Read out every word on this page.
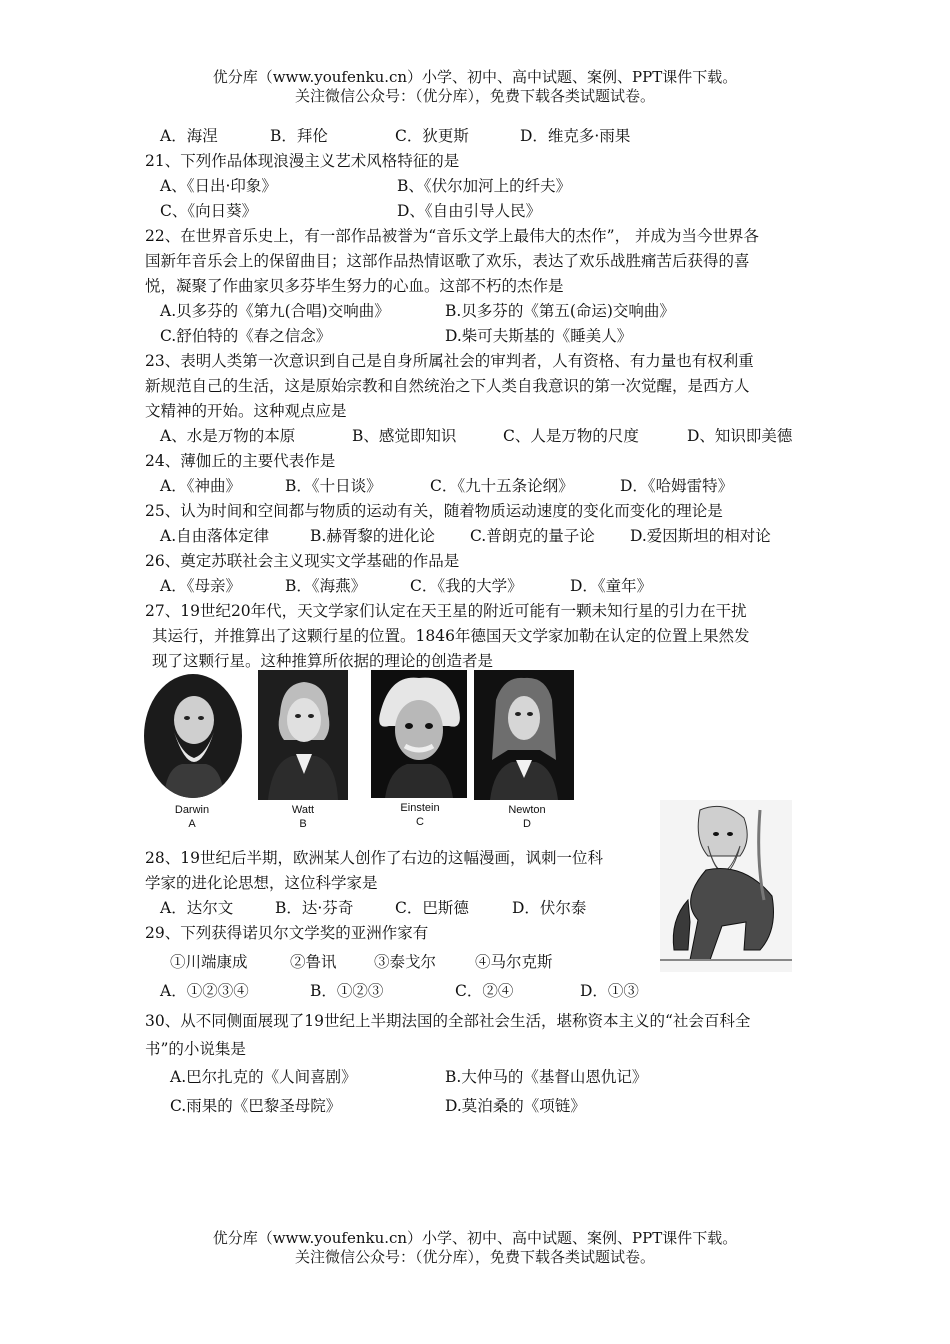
优分库（www.youfenku.cn）小学、初中、高中试题、案例、PPT课件下载。
关注微信公众号：（优分库），免费下载各类试题试卷。
A．海涅	B．拜伦	C．狄更斯	D．维克多·雨果
21、下列作品体现浪漫主义艺术风格特征的是
A、《日出·印象》	B、《伏尔加河上的纤夫》
C、《向日葵》	D、《自由引导人民》
22、在世界音乐史上，有一部作品被誉为“音乐文学上最伟大的杰作”， 并成为当今世界各
国新年音乐会上的保留曲目；这部作品热情讴歌了欢乐，表达了欢乐战胜痛苦后获得的喜
悦，凝聚了作曲家贝多芬毕生努力的心血。这部不朽的杰作是
A.贝多芬的《第九(合唱)交响曲》	B.贝多芬的《第五(命运)交响曲》
C.舒伯特的《春之信念》	D.柴可夫斯基的《睡美人》
23、表明人类第一次意识到自己是自身所属社会的审判者，人有资格、有力量也有权利重
新规范自己的生活，这是原始宗教和自然统治之下人类自我意识的第一次觉醒，是西方人
文精神的开始。这种观点应是
A、水是万物的本原	B、感觉即知识	C、人是万物的尺度	D、知识即美德
24、薄伽丘的主要代表作是
A．《神曲》	B．《十日谈》	C．《九十五条论纲》	D．《哈姆雷特》
25、认为时间和空间都与物质的运动有关，随着物质运动速度的变化而变化的理论是
A.自由落体定律	B.赫胥黎的进化论 C.普朗克的量子论 D.爱因斯坦的相对论
26、奠定苏联社会主义现实文学基础的作品是
A．《母亲》	B．《海燕》	C．《我的大学》	D．《童年》
27、19世纪20年代，天文学家们认定在天王星的附近可能有一颗未知行星的引力在干扰
其运行，并推算出了这颗行星的位置。1846年德国天文学家加勒在认定的位置上果然发
现了这颗行星。这种推算所依据的理论的创造者是
Darwin
A
Watt
B
Einstein
C
Newton
D
28、19世纪后半期，欧洲某人创作了右边的这幅漫画，讽刺一位科
学家的进化论思想，这位科学家是
A．达尔文	B．达·芬奇	C．巴斯德	D．伏尔泰
29、下列获得诺贝尔文学奖的亚洲作家有
①川端康成	②鲁讯 ③泰戈尔	④马尔克斯
A．①②③④	B．①②③	C．②④	D．①③
30、从不同侧面展现了19世纪上半期法国的全部社会生活，堪称资本主义的“社会百科全
书”的小说集是
A.巴尔扎克的《人间喜剧》	B.大仲马的《基督山恩仇记》
C.雨果的《巴黎圣母院》	D.莫泊桑的《项链》
优分库（www.youfenku.cn）小学、初中、高中试题、案例、PPT课件下载。
关注微信公众号：（优分库），免费下载各类试题试卷。
